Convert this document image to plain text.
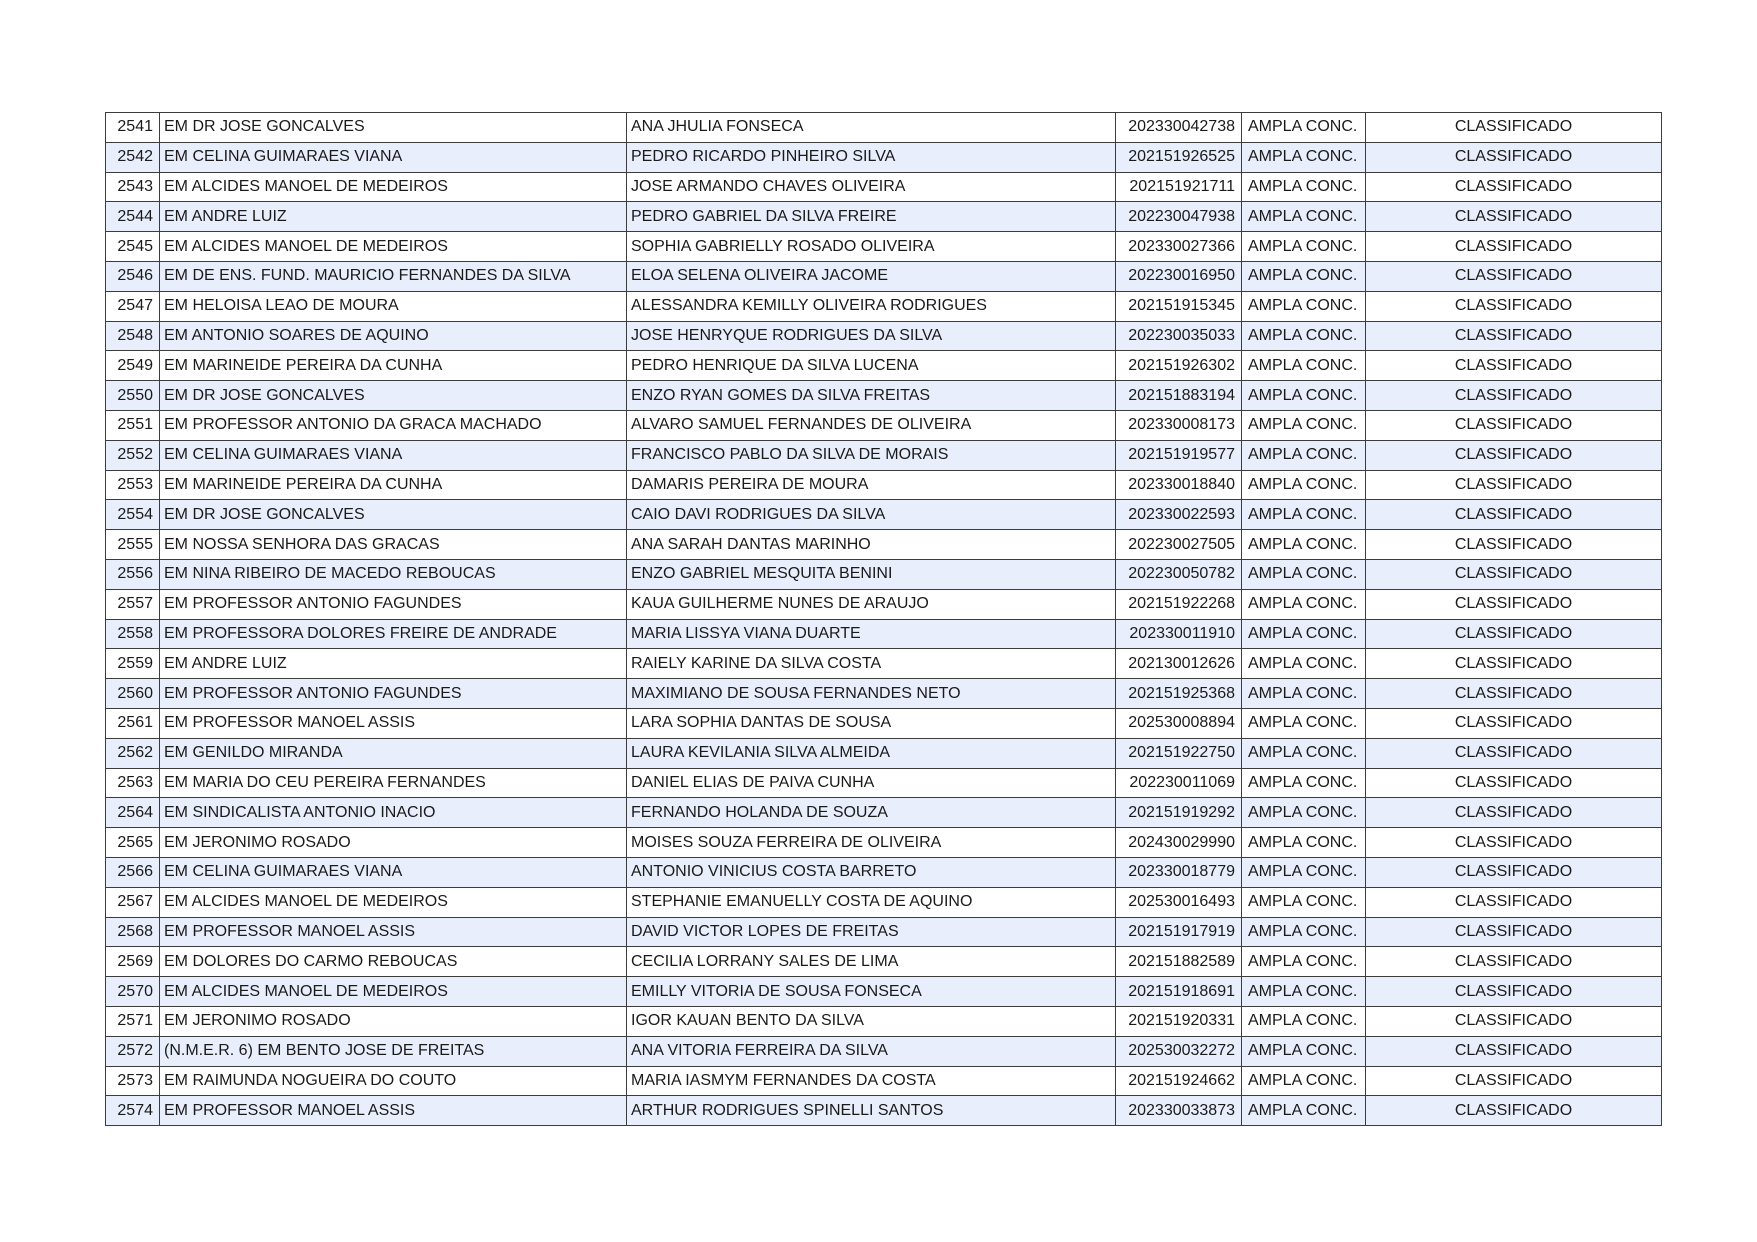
2541	EM DR JOSE GONCALVES	ANA JHULIA FONSECA	202330042738	AMPLA CONC.	CLASSIFICADO
2542	EM CELINA GUIMARAES VIANA	PEDRO RICARDO PINHEIRO SILVA	202151926525	AMPLA CONC.	CLASSIFICADO
2543	EM ALCIDES MANOEL DE MEDEIROS	JOSE ARMANDO CHAVES OLIVEIRA	202151921711	AMPLA CONC.	CLASSIFICADO
2544	EM ANDRE LUIZ	PEDRO GABRIEL DA SILVA FREIRE	202230047938	AMPLA CONC.	CLASSIFICADO
2545	EM ALCIDES MANOEL DE MEDEIROS	SOPHIA GABRIELLY ROSADO OLIVEIRA	202330027366	AMPLA CONC.	CLASSIFICADO
2546	EM DE ENS. FUND. MAURICIO FERNANDES DA SILVA	ELOA SELENA OLIVEIRA JACOME	202230016950	AMPLA CONC.	CLASSIFICADO
2547	EM HELOISA LEAO DE MOURA	ALESSANDRA KEMILLY OLIVEIRA RODRIGUES	202151915345	AMPLA CONC.	CLASSIFICADO
2548	EM ANTONIO SOARES DE AQUINO	JOSE HENRYQUE RODRIGUES DA SILVA	202230035033	AMPLA CONC.	CLASSIFICADO
2549	EM MARINEIDE PEREIRA DA CUNHA	PEDRO HENRIQUE DA SILVA LUCENA	202151926302	AMPLA CONC.	CLASSIFICADO
2550	EM DR JOSE GONCALVES	ENZO RYAN GOMES DA SILVA FREITAS	202151883194	AMPLA CONC.	CLASSIFICADO
2551	EM PROFESSOR ANTONIO DA GRACA MACHADO	ALVARO SAMUEL FERNANDES DE OLIVEIRA	202330008173	AMPLA CONC.	CLASSIFICADO
2552	EM CELINA GUIMARAES VIANA	FRANCISCO PABLO DA SILVA DE MORAIS	202151919577	AMPLA CONC.	CLASSIFICADO
2553	EM MARINEIDE PEREIRA DA CUNHA	DAMARIS PEREIRA DE MOURA	202330018840	AMPLA CONC.	CLASSIFICADO
2554	EM DR JOSE GONCALVES	CAIO DAVI RODRIGUES DA SILVA	202330022593	AMPLA CONC.	CLASSIFICADO
2555	EM NOSSA SENHORA DAS GRACAS	ANA SARAH DANTAS MARINHO	202230027505	AMPLA CONC.	CLASSIFICADO
2556	EM NINA RIBEIRO DE MACEDO REBOUCAS	ENZO GABRIEL MESQUITA BENINI	202230050782	AMPLA CONC.	CLASSIFICADO
2557	EM PROFESSOR ANTONIO FAGUNDES	KAUA GUILHERME NUNES DE ARAUJO	202151922268	AMPLA CONC.	CLASSIFICADO
2558	EM PROFESSORA DOLORES FREIRE DE ANDRADE	MARIA LISSYA VIANA DUARTE	202330011910	AMPLA CONC.	CLASSIFICADO
2559	EM ANDRE LUIZ	RAIELY KARINE DA SILVA COSTA	202130012626	AMPLA CONC.	CLASSIFICADO
2560	EM PROFESSOR ANTONIO FAGUNDES	MAXIMIANO DE SOUSA FERNANDES NETO	202151925368	AMPLA CONC.	CLASSIFICADO
2561	EM PROFESSOR MANOEL ASSIS	LARA SOPHIA DANTAS DE SOUSA	202530008894	AMPLA CONC.	CLASSIFICADO
2562	EM GENILDO MIRANDA	LAURA KEVILANIA SILVA ALMEIDA	202151922750	AMPLA CONC.	CLASSIFICADO
2563	EM MARIA DO CEU PEREIRA FERNANDES	DANIEL ELIAS DE PAIVA CUNHA	202230011069	AMPLA CONC.	CLASSIFICADO
2564	EM SINDICALISTA ANTONIO INACIO	FERNANDO HOLANDA DE SOUZA	202151919292	AMPLA CONC.	CLASSIFICADO
2565	EM JERONIMO ROSADO	MOISES SOUZA FERREIRA DE OLIVEIRA	202430029990	AMPLA CONC.	CLASSIFICADO
2566	EM CELINA GUIMARAES VIANA	ANTONIO VINICIUS COSTA BARRETO	202330018779	AMPLA CONC.	CLASSIFICADO
2567	EM ALCIDES MANOEL DE MEDEIROS	STEPHANIE EMANUELLY COSTA DE AQUINO	202530016493	AMPLA CONC.	CLASSIFICADO
2568	EM PROFESSOR MANOEL ASSIS	DAVID VICTOR LOPES DE FREITAS	202151917919	AMPLA CONC.	CLASSIFICADO
2569	EM DOLORES DO CARMO REBOUCAS	CECILIA LORRANY SALES DE LIMA	202151882589	AMPLA CONC.	CLASSIFICADO
2570	EM ALCIDES MANOEL DE MEDEIROS	EMILLY VITORIA DE SOUSA FONSECA	202151918691	AMPLA CONC.	CLASSIFICADO
2571	EM JERONIMO ROSADO	IGOR KAUAN BENTO DA SILVA	202151920331	AMPLA CONC.	CLASSIFICADO
2572	(N.M.E.R. 6) EM BENTO JOSE DE FREITAS	ANA VITORIA FERREIRA DA SILVA	202530032272	AMPLA CONC.	CLASSIFICADO
2573	EM RAIMUNDA NOGUEIRA DO COUTO	MARIA IASMYM FERNANDES DA COSTA	202151924662	AMPLA CONC.	CLASSIFICADO
2574	EM PROFESSOR MANOEL ASSIS	ARTHUR RODRIGUES SPINELLI SANTOS	202330033873	AMPLA CONC.	CLASSIFICADO
